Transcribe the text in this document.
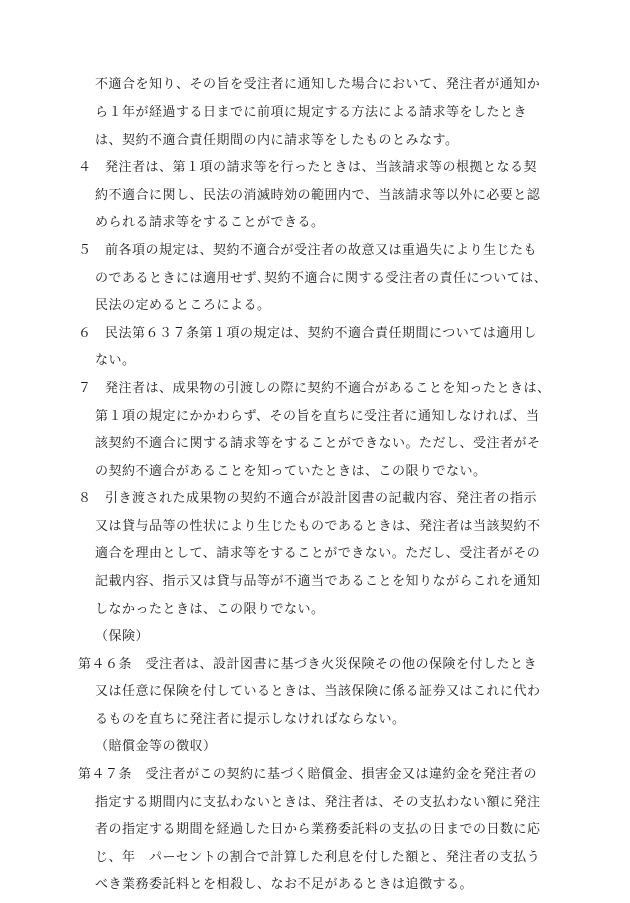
不適合を知り、その旨を受注者に通知した場合において、発注者が通知か
ら１年が経過する日までに前項に規定する方法による請求等をしたとき
は、契約不適合責任期間の内に請求等をしたものとみなす。
４　発注者は、第１項の請求等を行ったときは、当該請求等の根拠となる契
約不適合に関し、民法の消滅時効の範囲内で、当該請求等以外に必要と認
められる請求等をすることができる。
５　前各項の規定は、契約不適合が受注者の故意又は重過失により生じたも
のであるときには適用せず､契約不適合に関する受注者の責任については、
民法の定めるところによる。
６　民法第６３７条第１項の規定は、契約不適合責任期間については適用し
ない。
７　発注者は、成果物の引渡しの際に契約不適合があることを知ったときは、
第１項の規定にかかわらず、その旨を直ちに受注者に通知しなければ、当
該契約不適合に関する請求等をすることができない。ただし、受注者がそ
の契約不適合があることを知っていたときは、この限りでない。
８　引き渡された成果物の契約不適合が設計図書の記載内容、発注者の指示
又は貸与品等の性状により生じたものであるときは、発注者は当該契約不
適合を理由として、請求等をすることができない。ただし、受注者がその
記載内容、指示又は貸与品等が不適当であることを知りながらこれを通知
しなかったときは、この限りでない。
（保険）
第４６条　受注者は、設計図書に基づき火災保険その他の保険を付したとき
又は任意に保険を付しているときは、当該保険に係る証券又はこれに代わ
るものを直ちに発注者に提示しなければならない。
（賠償金等の徴収）
第４７条　受注者がこの契約に基づく賠償金、損害金又は違約金を発注者の
指定する期間内に支払わないときは、発注者は、その支払わない額に発注
者の指定する期間を経過した日から業務委託料の支払の日までの日数に応
じ、年　パーセントの割合で計算した利息を付した額と、発注者の支払う
べき業務委託料とを相殺し、なお不足があるときは追徴する。
